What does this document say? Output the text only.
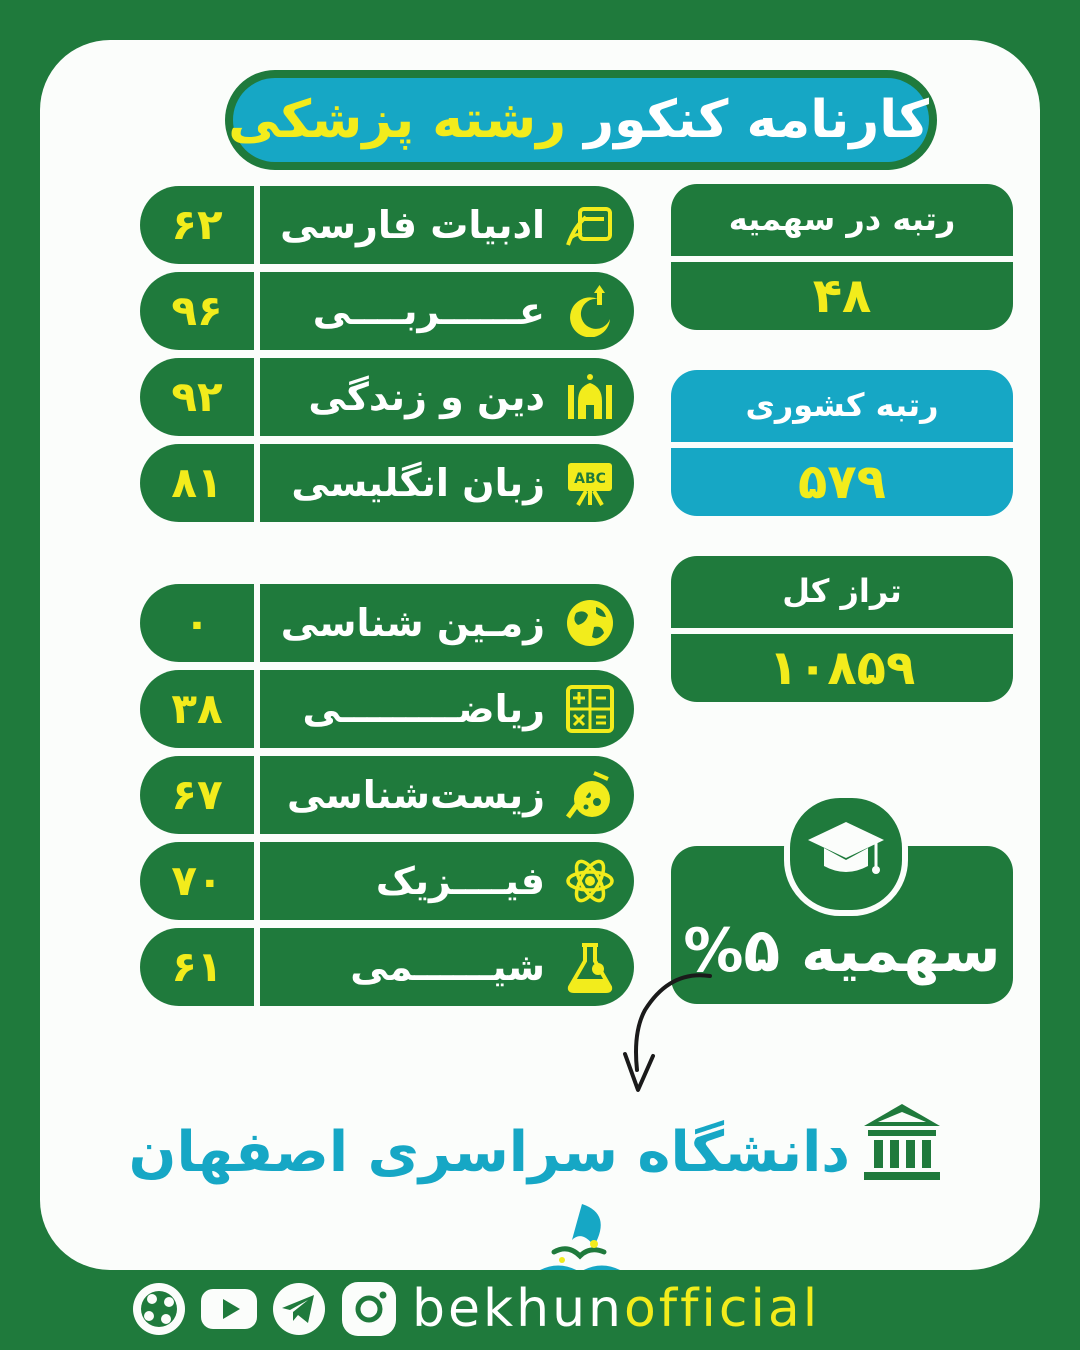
کارنامه کنکور رشته پزشکی
۶۲	ادبیات فارسی
۹۶	عــــــربــــی
۹۲	دین و زندگی
۸۱	زبان انگلیسی ABC
۰	زمـین شناسی
۳۸	ریاضـــــــــی
۶۷	زیست‌شناسی
۷۰	فیــــزیک
۶۱	شیــــــمی
رتبه در سهمیه
۴۸
رتبه کشوری
۵۷۹
تراز کل
۱۰۸۵۹
سهمیه ۵%
دانشگاه سراسری اصفهان
bekhunofficial
